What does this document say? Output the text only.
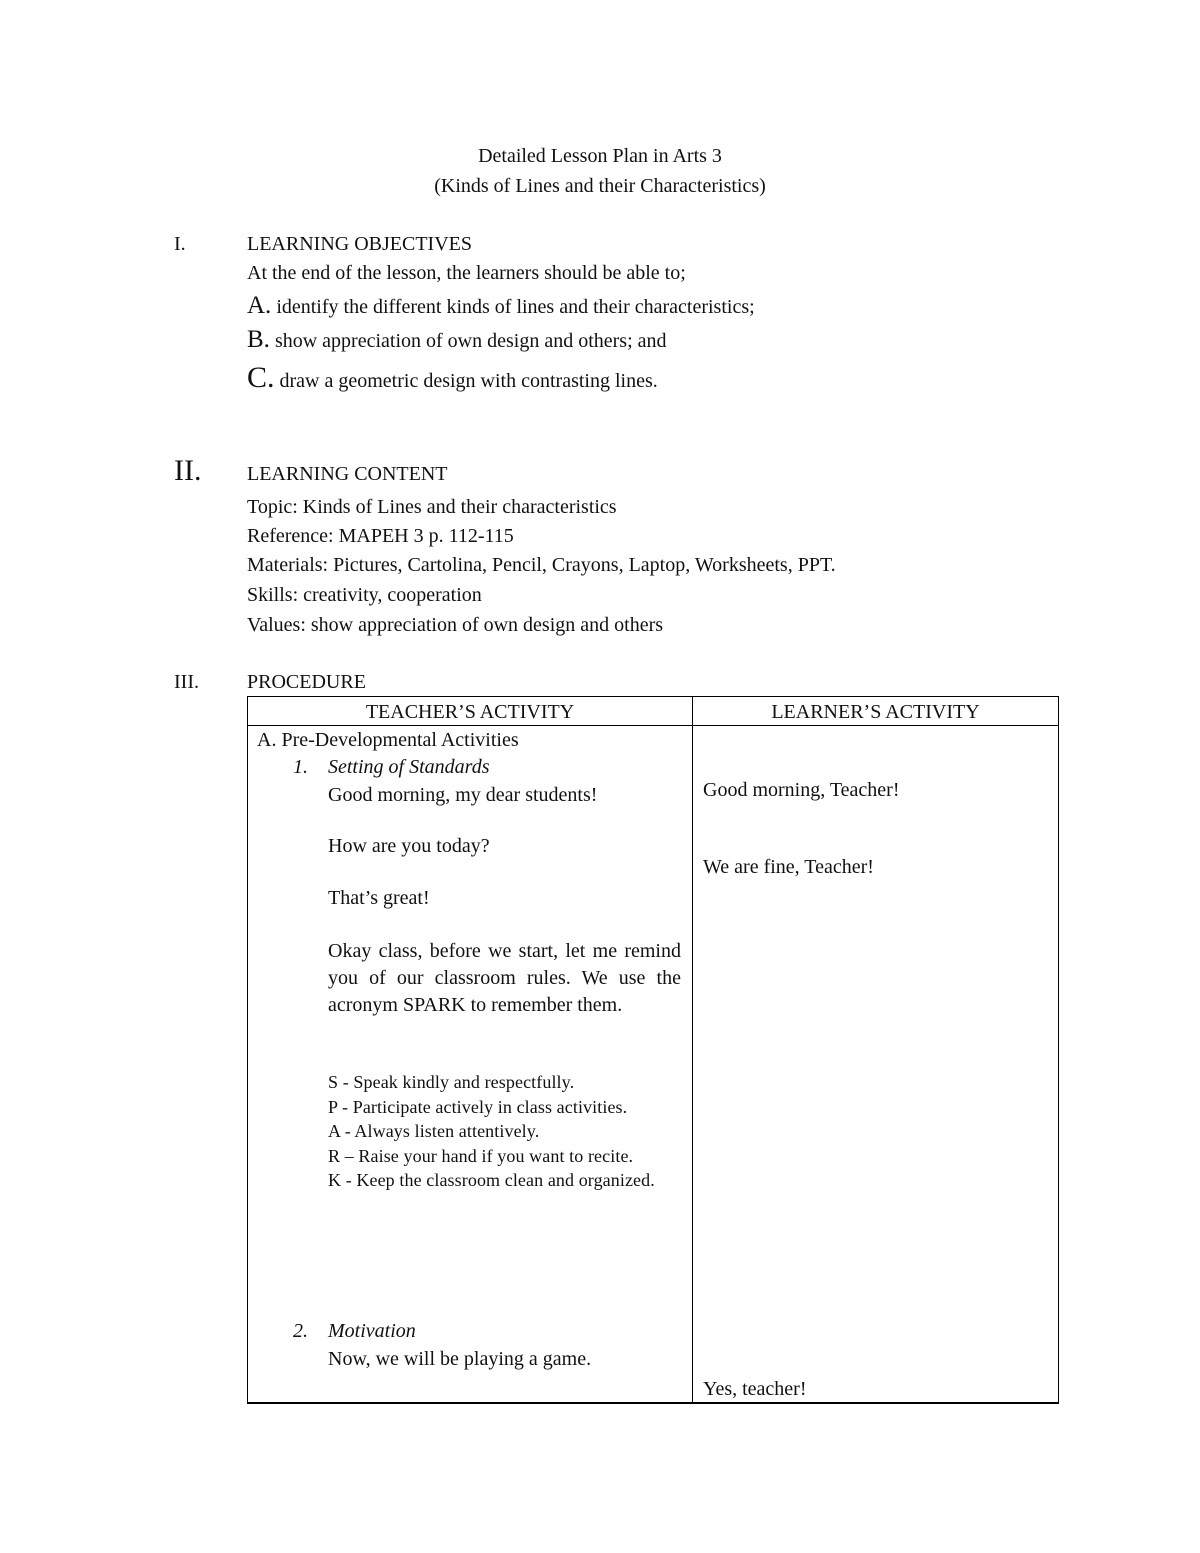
Detailed Lesson Plan in Arts 3
(Kinds of Lines and their Characteristics)
I.	LEARNING OBJECTIVES
At the end of the lesson, the learners should be able to;
A. identify the different kinds of lines and their characteristics;
B. show appreciation of own design and others; and
C. draw a geometric design with contrasting lines.
II. LEARNING CONTENT
Topic: Kinds of Lines and their characteristics
Reference: MAPEH 3 p. 112-115
Materials: Pictures, Cartolina, Pencil, Crayons, Laptop, Worksheets, PPT.
Skills: creativity, cooperation
Values: show appreciation of own design and others
III. PROCEDURE
TEACHER’S ACTIVITY	LEARNER’S ACTIVITY
A. Pre-Developmental Activities
1. Setting of Standards
Good morning, my dear students!
How are you today?
That’s great!
Okay class, before we start, let me remind you of our classroom rules. We use the acronym SPARK to remember them.
S - Speak kindly and respectfully.
P - Participate actively in class activities.
A - Always listen attentively.
R – Raise your hand if you want to recite.
K - Keep the classroom clean and organized.
2. Motivation
Now, we will be playing a game.
Good morning, Teacher!
We are fine, Teacher!
Yes, teacher!
